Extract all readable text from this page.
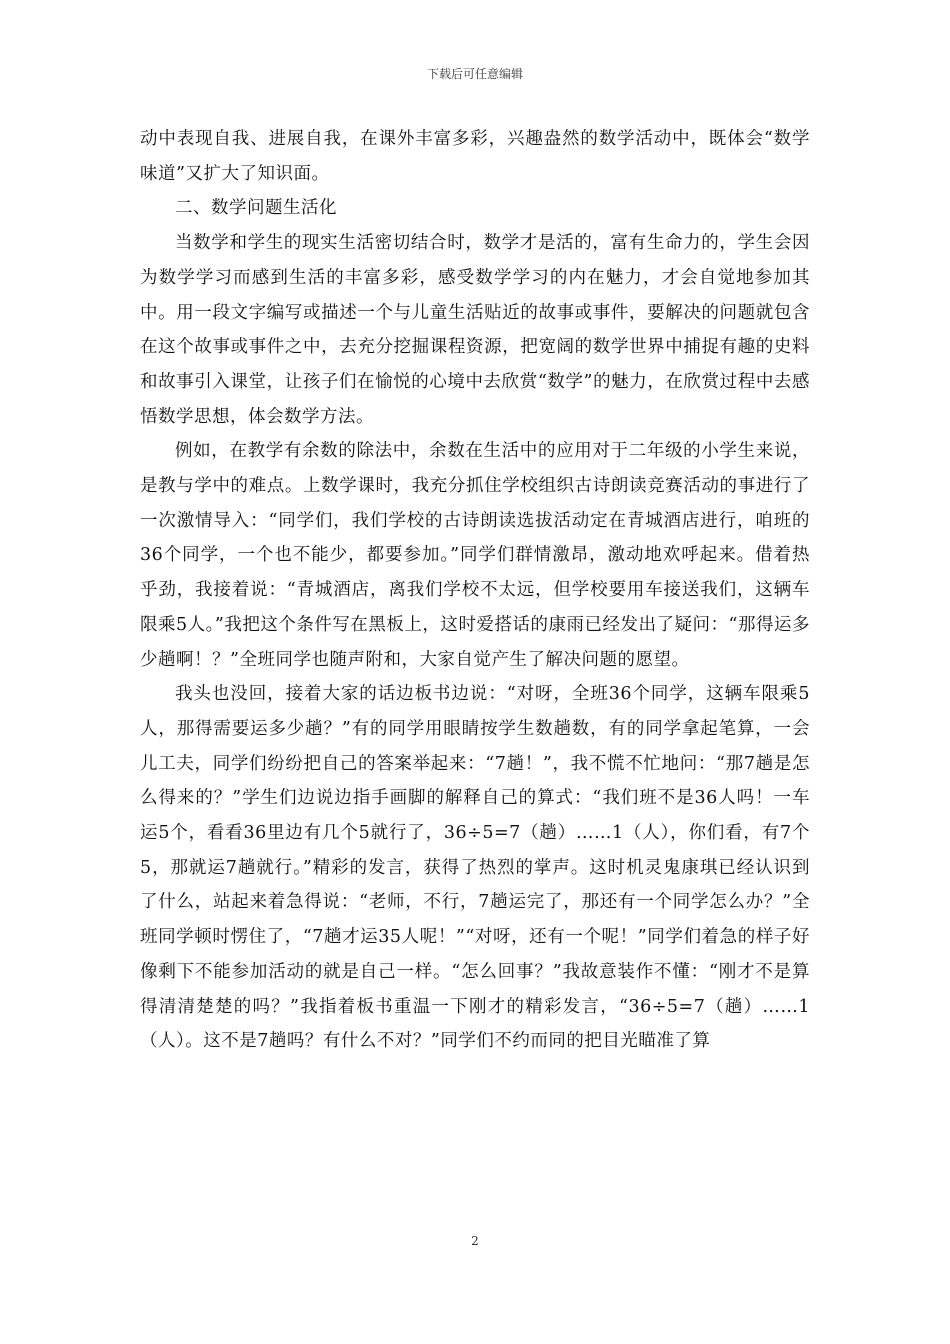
下载后可任意编辑

动中表现自我、进展自我，在课外丰富多彩，兴趣盎然的数学活动中，既体会“数学味道”又扩大了知识面。

二、数学问题生活化

当数学和学生的现实生活密切结合时，数学才是活的，富有生命力的，学生会因为数学学习而感到生活的丰富多彩，感受数学学习的内在魅力，才会自觉地参加其中。用一段文字编写或描述一个与儿童生活贴近的故事或事件，要解决的问题就包含在这个故事或事件之中，去充分挖掘课程资源，把宽阔的数学世界中捕捉有趣的史料和故事引入课堂，让孩子们在愉悦的心境中去欣赏“数学”的魅力，在欣赏过程中去感悟数学思想，体会数学方法。

例如，在教学有余数的除法中，余数在生活中的应用对于二年级的小学生来说，是教与学中的难点。上数学课时，我充分抓住学校组织古诗朗读竞赛活动的事进行了一次激情导入：“同学们，我们学校的古诗朗读选拔活动定在青城酒店进行，咱班的36个同学，一个也不能少，都要参加。”同学们群情激昂，激动地欢呼起来。借着热乎劲，我接着说：“青城酒店，离我们学校不太远，但学校要用车接送我们，这辆车限乘5人。”我把这个条件写在黑板上，这时爱搭话的康雨已经发出了疑问：“那得运多少趟啊！？”全班同学也随声附和，大家自觉产生了解决问题的愿望。

我头也没回，接着大家的话边板书边说：“对呀，全班36个同学，这辆车限乘5人，那得需要运多少趟？”有的同学用眼睛按学生数趟数，有的同学拿起笔算，一会儿工夫，同学们纷纷把自己的答案举起来：“7趟！”，我不慌不忙地问：“那7趟是怎么得来的？”学生们边说边指手画脚的解释自己的算式：“我们班不是36人吗！一车运5个，看看36里边有几个5就行了，36÷5=7（趟）……1（人），你们看，有7个5，那就运7趟就行。”精彩的发言，获得了热烈的掌声。这时机灵鬼康琪已经认识到了什么，站起来着急得说：“老师，不行，7趟运完了，那还有一个同学怎么办？”全班同学顿时愣住了，“7趟才运35人呢！”“对呀，还有一个呢！”同学们着急的样子好像剩下不能参加活动的就是自己一样。“怎么回事？”我故意装作不懂：“刚才不是算得清清楚楚的吗？”我指着板书重温一下刚才的精彩发言，“36÷5=7（趟）……1（人）。这不是7趟吗？有什么不对？”同学们不约而同的把目光瞄准了算

2
